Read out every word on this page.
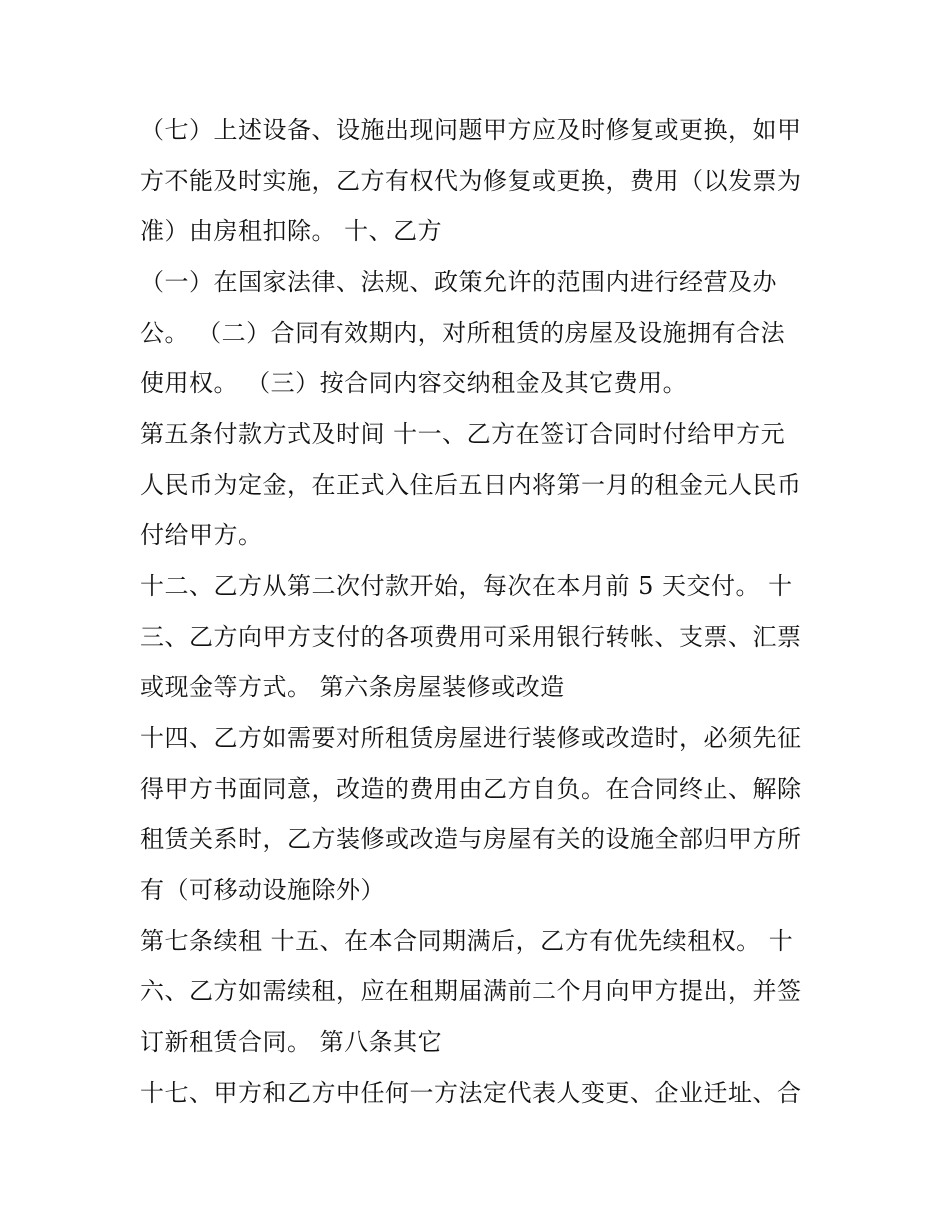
（七）上述设备、设施出现问题甲方应及时修复或更换，如甲

方不能及时实施，乙方有权代为修复或更换，费用（以发票为

准）由房租扣除。 十、乙方

（一）在国家法律、法规、政策允许的范围内进行经营及办

公。 （二）合同有效期内，对所租赁的房屋及设施拥有合法

使用权。 （三）按合同内容交纳租金及其它费用。

第五条付款方式及时间 十一、乙方在签订合同时付给甲方元

人民币为定金，在正式入住后五日内将第一月的租金元人民币

付给甲方。

十二、乙方从第二次付款开始，每次在本月前 5 天交付。 十

三、乙方向甲方支付的各项费用可采用银行转帐、支票、汇票

或现金等方式。 第六条房屋装修或改造

十四、乙方如需要对所租赁房屋进行装修或改造时，必须先征

得甲方书面同意，改造的费用由乙方自负。在合同终止、解除

租赁关系时，乙方装修或改造与房屋有关的设施全部归甲方所

有（可移动设施除外）

第七条续租 十五、在本合同期满后，乙方有优先续租权。 十

六、乙方如需续租，应在租期届满前二个月向甲方提出，并签

订新租赁合同。 第八条其它

十七、甲方和乙方中任何一方法定代表人变更、企业迁址、合
